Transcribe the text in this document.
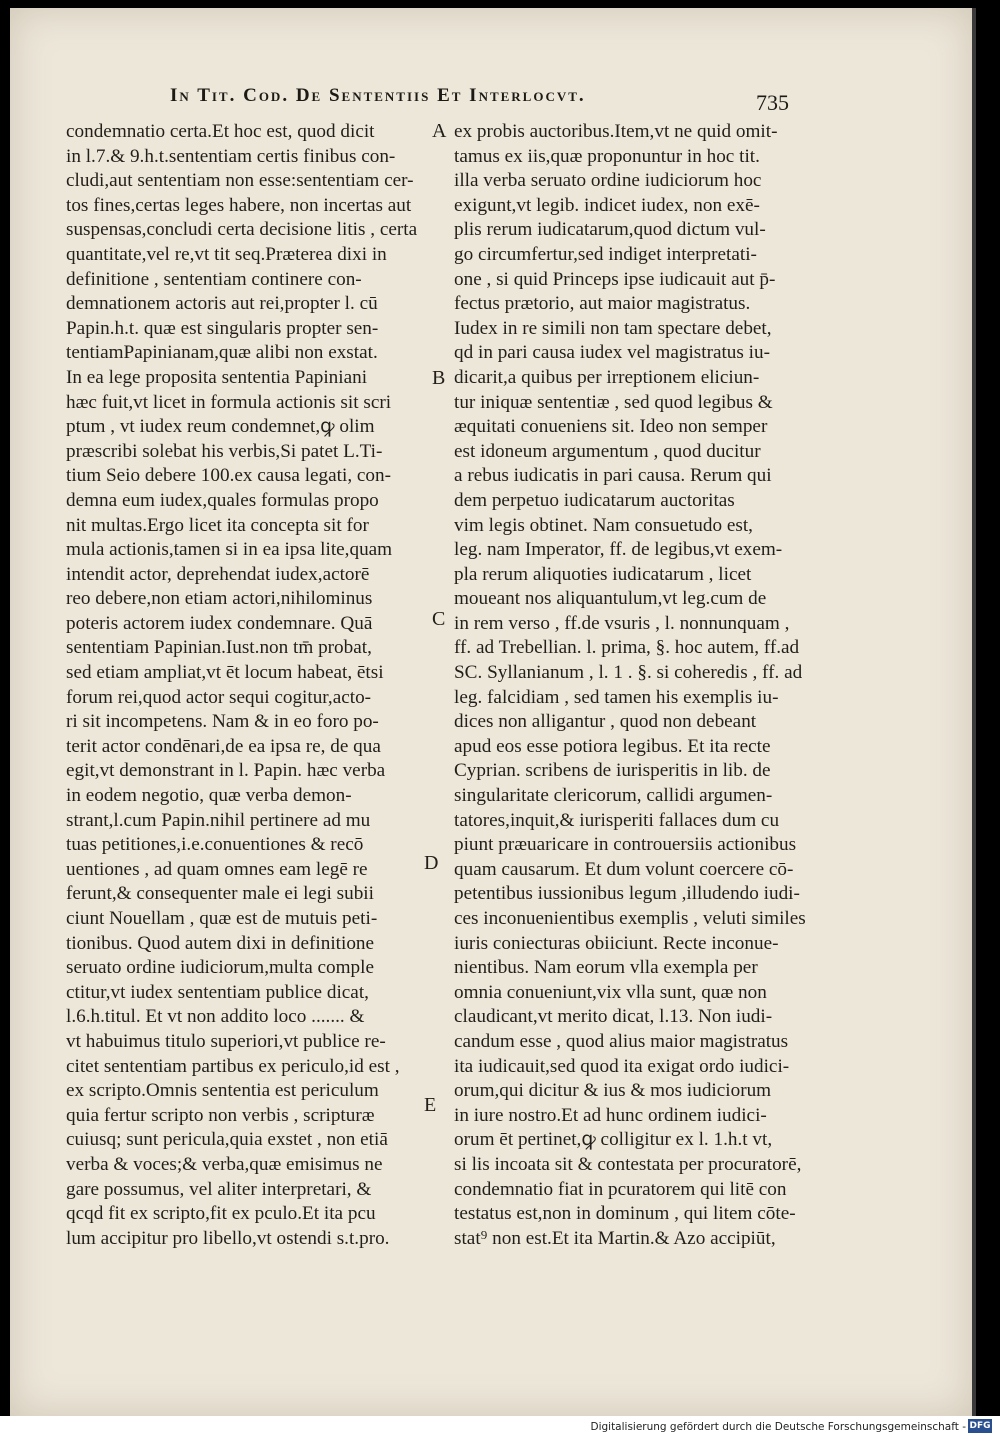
In Tit. Cod. De Sententiis Et Interlocvt.	735
condemnatio certa.Et hoc est, quod dicit
in l.7.& 9.h.t.sententiam certis finibus con-
cludi,aut sententiam non esse:sententiam cer-
tos fines,certas leges habere, non incertas aut
suspensas,concludi certa decisione litis , certa
quantitate,vel re,vt tit seq.Præterea dixi in
definitione , sententiam continere con-
demnationem actoris aut rei,propter l. cū
Papin.h.t. quæ est singularis propter sen-
tentiamPapinianam,quæ alibi non exstat.
In ea lege proposita sententia Papiniani
hæc fuit,vt licet in formula actionis sit scri
ptum , vt iudex reum condemnet,ꝙ olim
præscribi solebat his verbis,Si patet L.Ti-
tium Seio debere 100.ex causa legati, con-
demna eum iudex,quales formulas propo
nit multas.Ergo licet ita concepta sit for
mula actionis,tamen si in ea ipsa lite,quam
intendit actor, deprehendat iudex,actorē
reo debere,non etiam actori,nihilominus
poteris actorem iudex condemnare. Quā
sententiam Papinian.Iust.non tm̄ probat,
sed etiam ampliat,vt ēt locum habeat, ētsi
forum rei,quod actor sequi cogitur,acto-
ri sit incompetens. Nam & in eo foro po-
terit actor condēnari,de ea ipsa re, de qua
egit,vt demonstrant in l. Papin. hæc verba
in eodem negotio, quæ verba demon-
strant,l.cum Papin.nihil pertinere ad mu
tuas petitiones,i.e.conuentiones & recō
uentiones , ad quam omnes eam legē re
ferunt,& consequenter male ei legi subii
ciunt Nouellam , quæ est de mutuis peti-
tionibus. Quod autem dixi in definitione
seruato ordine iudiciorum,multa comple
ctitur,vt iudex sententiam publice dicat,
l.6.h.titul. Et vt non addito loco ....... &
vt habuimus titulo superiori,vt publice re-
citet sententiam partibus ex periculo,id est ,
ex scripto.Omnis sententia est periculum
quia fertur scripto non verbis , scripturæ
cuiusq; sunt pericula,quia exstet , non etiā
verba & voces;& verba,quæ emisimus ne
gare possumus, vel aliter interpretari, &
qcqd fit ex scripto,fit ex pculo.Et ita pcu
lum accipitur pro libello,vt ostendi s.t.pro.
ex probis auctoribus.Item,vt ne quid omit-
tamus ex iis,quæ proponuntur in hoc tit.
illa verba seruato ordine iudiciorum hoc
exigunt,vt legib. indicet iudex, non exē-
plis rerum iudicatarum,quod dictum vul-
go circumfertur,sed indiget interpretati-
one , si quid Princeps ipse iudicauit aut p̄-
fectus prætorio, aut maior magistratus.
Iudex in re simili non tam spectare debet,
qd in pari causa iudex vel magistratus iu-
dicarit,a quibus per irreptionem eliciun-
tur iniquæ sententiæ , sed quod legibus &
æquitati conueniens sit. Ideo non semper
est idoneum argumentum , quod ducitur
a rebus iudicatis in pari causa. Rerum qui
dem perpetuo iudicatarum auctoritas
vim legis obtinet. Nam consuetudo est,
leg. nam Imperator, ff. de legibus,vt exem-
pla rerum aliquoties iudicatarum , licet
moueant nos aliquantulum,vt leg.cum de
in rem verso , ff.de vsuris , l. nonnunquam ,
ff. ad Trebellian. l. prima, §. hoc autem, ff.ad
SC. Syllanianum , l. 1 . §. si coheredis , ff. ad
leg. falcidiam , sed tamen his exemplis iu-
dices non alligantur , quod non debeant
apud eos esse potiora legibus. Et ita recte
Cyprian. scribens de iurisperitis in lib. de
singularitate clericorum, callidi argumen-
tatores,inquit,& iurisperiti fallaces dum cu
piunt præuaricare in controuersiis actionibus
quam causarum. Et dum volunt coercere cō-
petentibus iussionibus legum ,illudendo iudi-
ces inconuenientibus exemplis , veluti similes
iuris coniecturas obiiciunt. Recte inconue-
nientibus. Nam eorum vlla exempla per
omnia conueniunt,vix vlla sunt, quæ non
claudicant,vt merito dicat, l.13. Non iudi-
candum esse , quod alius maior magistratus
ita iudicauit,sed quod ita exigat ordo iudici-
orum,qui dicitur & ius & mos iudiciorum
in iure nostro.Et ad hunc ordinem iudici-
orum ēt pertinet,ꝙ colligitur ex l. 1.h.t vt,
si lis incoata sit & contestata per procuratorē,
condemnatio fiat in pcuratorem qui litē con
testatus est,non in dominum , qui litem cōte-
stat⁹ non est.Et ita Martin.& Azo accipiūt,
A
B
C
D
E
Digitalisierung gefördert durch die Deutsche Forschungsgemeinschaft - DFG
